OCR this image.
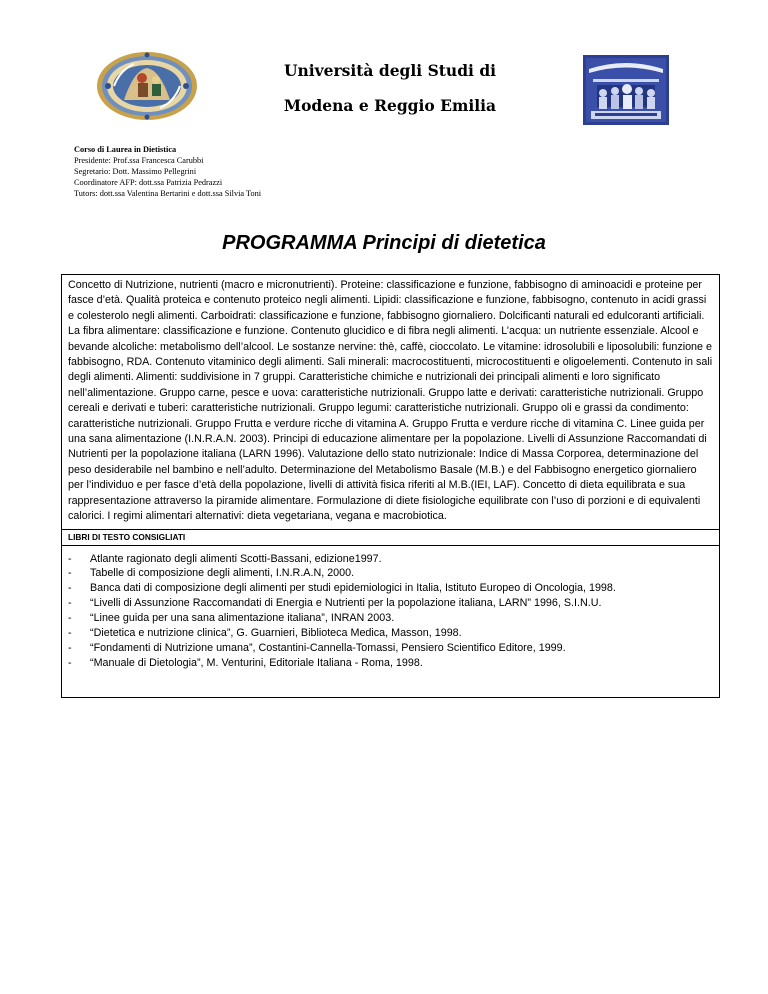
Università degli Studi di
Modena e Reggio Emilia
Corso di Laurea in Dietistica
Presidente: Prof.ssa Francesca Carubbi
Segretario: Dott. Massimo Pellegrini
Coordinatore AFP: dott.ssa Patrizia Pedrazzi
Tutors: dott.ssa Valentina Bertarini e dott.ssa Silvia Toni
PROGRAMMA Principi di dietetica
Concetto di Nutrizione, nutrienti (macro e micronutrienti). Proteine: classificazione e funzione, fabbisogno di aminoacidi e proteine per fasce d’età. Qualità proteica e contenuto proteico negli alimenti. Lipidi: classificazione e funzione, fabbisogno, contenuto in acidi grassi e colesterolo negli alimenti. Carboidrati: classificazione e funzione, fabbisogno giornaliero. Dolcificanti naturali ed edulcoranti artificiali. La fibra alimentare: classificazione e funzione. Contenuto glucidico e di fibra negli alimenti. L’acqua: un nutriente essenziale. Alcool e bevande alcoliche: metabolismo dell’alcool. Le sostanze nervine: thè, caffè, cioccolato. Le vitamine: idrosolubili e liposolubili: funzione e fabbisogno, RDA. Contenuto vitaminico degli alimenti. Sali minerali: macrocostituenti, microcostituenti e oligoelementi. Contenuto in sali degli alimenti. Alimenti: suddivisione in 7 gruppi. Caratteristiche chimiche e nutrizionali dei principali alimenti e loro significato nell’alimentazione. Gruppo carne, pesce e uova: caratteristiche nutrizionali. Gruppo latte e derivati: caratteristiche nutrizionali. Gruppo cereali e derivati e tuberi: caratteristiche nutrizionali. Gruppo legumi: caratteristiche nutrizionali. Gruppo oli e grassi da condimento: caratteristiche nutrizionali. Gruppo Frutta e verdure ricche di vitamina A. Gruppo Frutta e verdure ricche di vitamina C. Linee guida per una sana alimentazione (I.N.R.A.N. 2003). Principi di educazione alimentare per la popolazione. Livelli di Assunzione Raccomandati di Nutrienti per la popolazione italiana (LARN 1996). Valutazione dello stato nutrizionale: Indice di Massa Corporea, determinazione del peso desiderabile nel bambino e nell’adulto. Determinazione del Metabolismo Basale (M.B.) e del Fabbisogno energetico giornaliero per l’individuo e per fasce d’età della popolazione, livelli di attività fisica riferiti al M.B.(IEI, LAF). Concetto di dieta equilibrata e sua rappresentazione attraverso la piramide alimentare. Formulazione di diete fisiologiche equilibrate con l’uso di porzioni e di equivalenti calorici. I regimi alimentari alternativi: dieta vegetariana, vegana e macrobiotica.
LIBRI DI TESTO CONSIGLIATI
- Atlante ragionato degli alimenti Scotti-Bassani, edizione1997.
- Tabelle di composizione degli alimenti, I.N.R.A.N, 2000.
- Banca dati di composizione degli alimenti per studi epidemiologici in Italia, Istituto Europeo di Oncologia, 1998.
- “Livelli di Assunzione Raccomandati di Energia e Nutrienti per la popolazione italiana, LARN” 1996, S.I.N.U.
- “Linee guida per una sana alimentazione italiana”, INRAN 2003.
- “Dietetica e nutrizione clinica”, G. Guarnieri, Biblioteca Medica, Masson, 1998.
- “Fondamenti di Nutrizione umana”, Costantini-Cannella-Tomassi, Pensiero Scientifico Editore, 1999.
- “Manuale di Dietologia”, M. Venturini, Editoriale Italiana - Roma, 1998.
